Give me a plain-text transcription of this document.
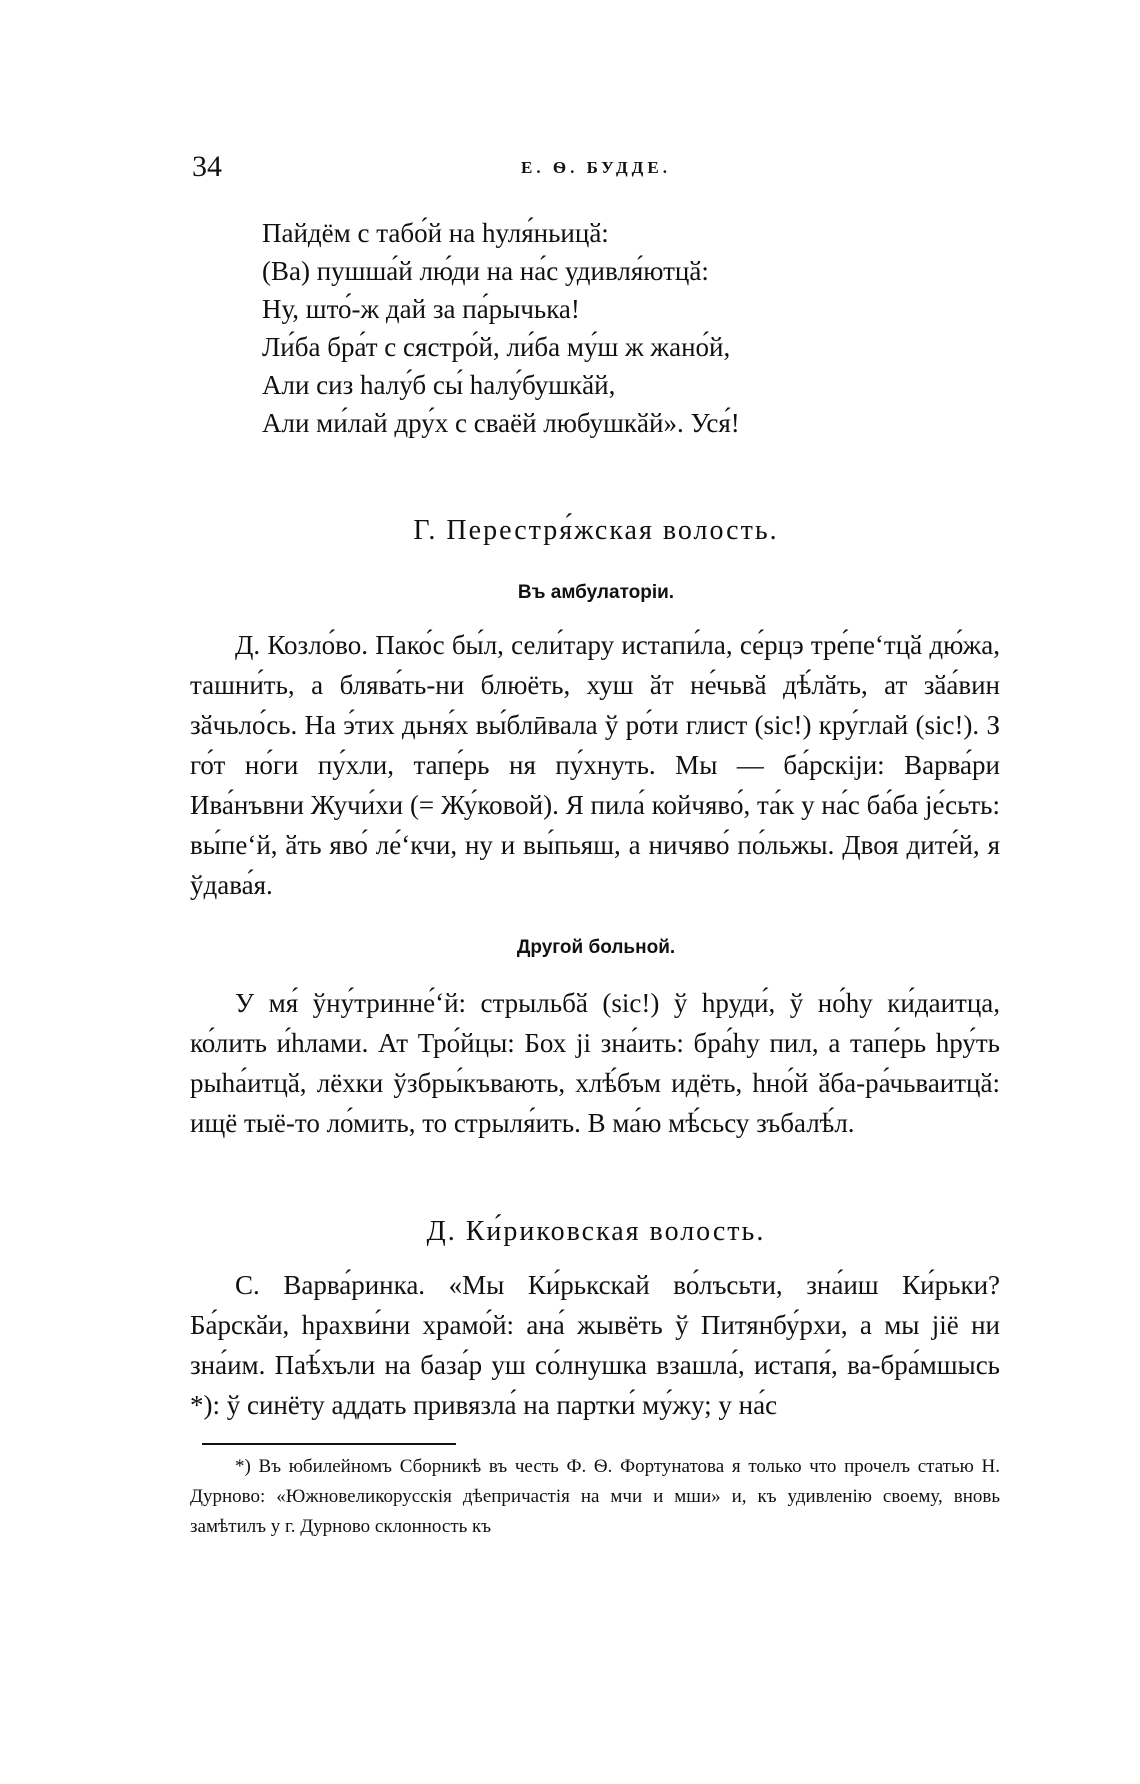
34	Е. Ѳ. БУДДЕ.
Пайдём с табо́й на һуля́ньицӑ:
(Ва) пушша́й лю́ди на на́с удивля́ютцӑ:
Ну, што́-ж дай за па́рычька!
Ли́ба бра́т с сястро́й, ли́ба му́ш ж жано́й,
Али сиз һалу́б сы́ һалу́бушкӑй,
Али ми́лай дру́х с сваёй любушкӑй». Уся́!
Г. Перестря́жская волость.
Въ амбулаторіи.

Д. Козло́во. Пако́с бы́л, сели́тару истапи́ла, се́рцэ тре́пеʻтцӑ дю́жа, ташни́ть, а блява́ть-ни блюёть, хуш ӑт не́чьвӑ дѣ́лӑть, ат зӑа́вин зӑчьло́сь. На э́тих дьня́х вы́блӣвала ў ро́ти глист (sic!) кру́глай (sic!). З го́т но́ги пу́хли, тапе́рь ня пу́хнуть. Мы — ба́рскіји: Варва́ри Ива́нъвни Жучи́хи (= Жу́ковой). Я пила́ койчяво́, та́к у на́с ба́ба је́сьть: вы́пеʻй, ӑть яво́ ле́ʻкчи, ну и вы́пьяш, а ничяво́ по́льжы. Двоя дите́й, я ўдава́я.

Другой больной.

У мя́ ўну́тринне́ʻй: стрыльбӑ (sic!) ў һруди́, ў но́һу ки́даитца, ко́лить и́һлами. Ат Тро́йцы: Бох јі зна́ить: бра́һу пил, а тапе́рь һру́ть рыһа́итцӑ, лёхки ўзбры́къвають, хлѣ́бъм идёть, һно́й ӑба-ра́чьваитцӑ: ищё тыё-то ло́мить, то стрыля́ить. В ма́ю мѣ́сьсу зъбалѣ́л.

Д. Ки́риковская волость.

С. Варва́ринка. «Мы Ки́рькскай во́лъсьти, зна́иш Ки́рьки? Ба́рскӑи, һрахви́ни храмо́й: ана́ жывёть ў Питянбу́рхи, а мы јіё ни зна́им. Паѣ́хъли на база́р уш со́лнушка взашла́, истапя́, ва-бра́мшысь *): ў синёту аддать привязла́ на партки́ му́жу; у на́с

*) Въ юбилейномъ Сборникѣ въ честь Ф. Ѳ. Фортунатова я только что прочелъ статью Н. Дурново: «Южновеликорусскія дѣепричастія на мчи и мши» и, къ удивленію своему, вновь замѣтилъ у г. Дурново склонность къ
